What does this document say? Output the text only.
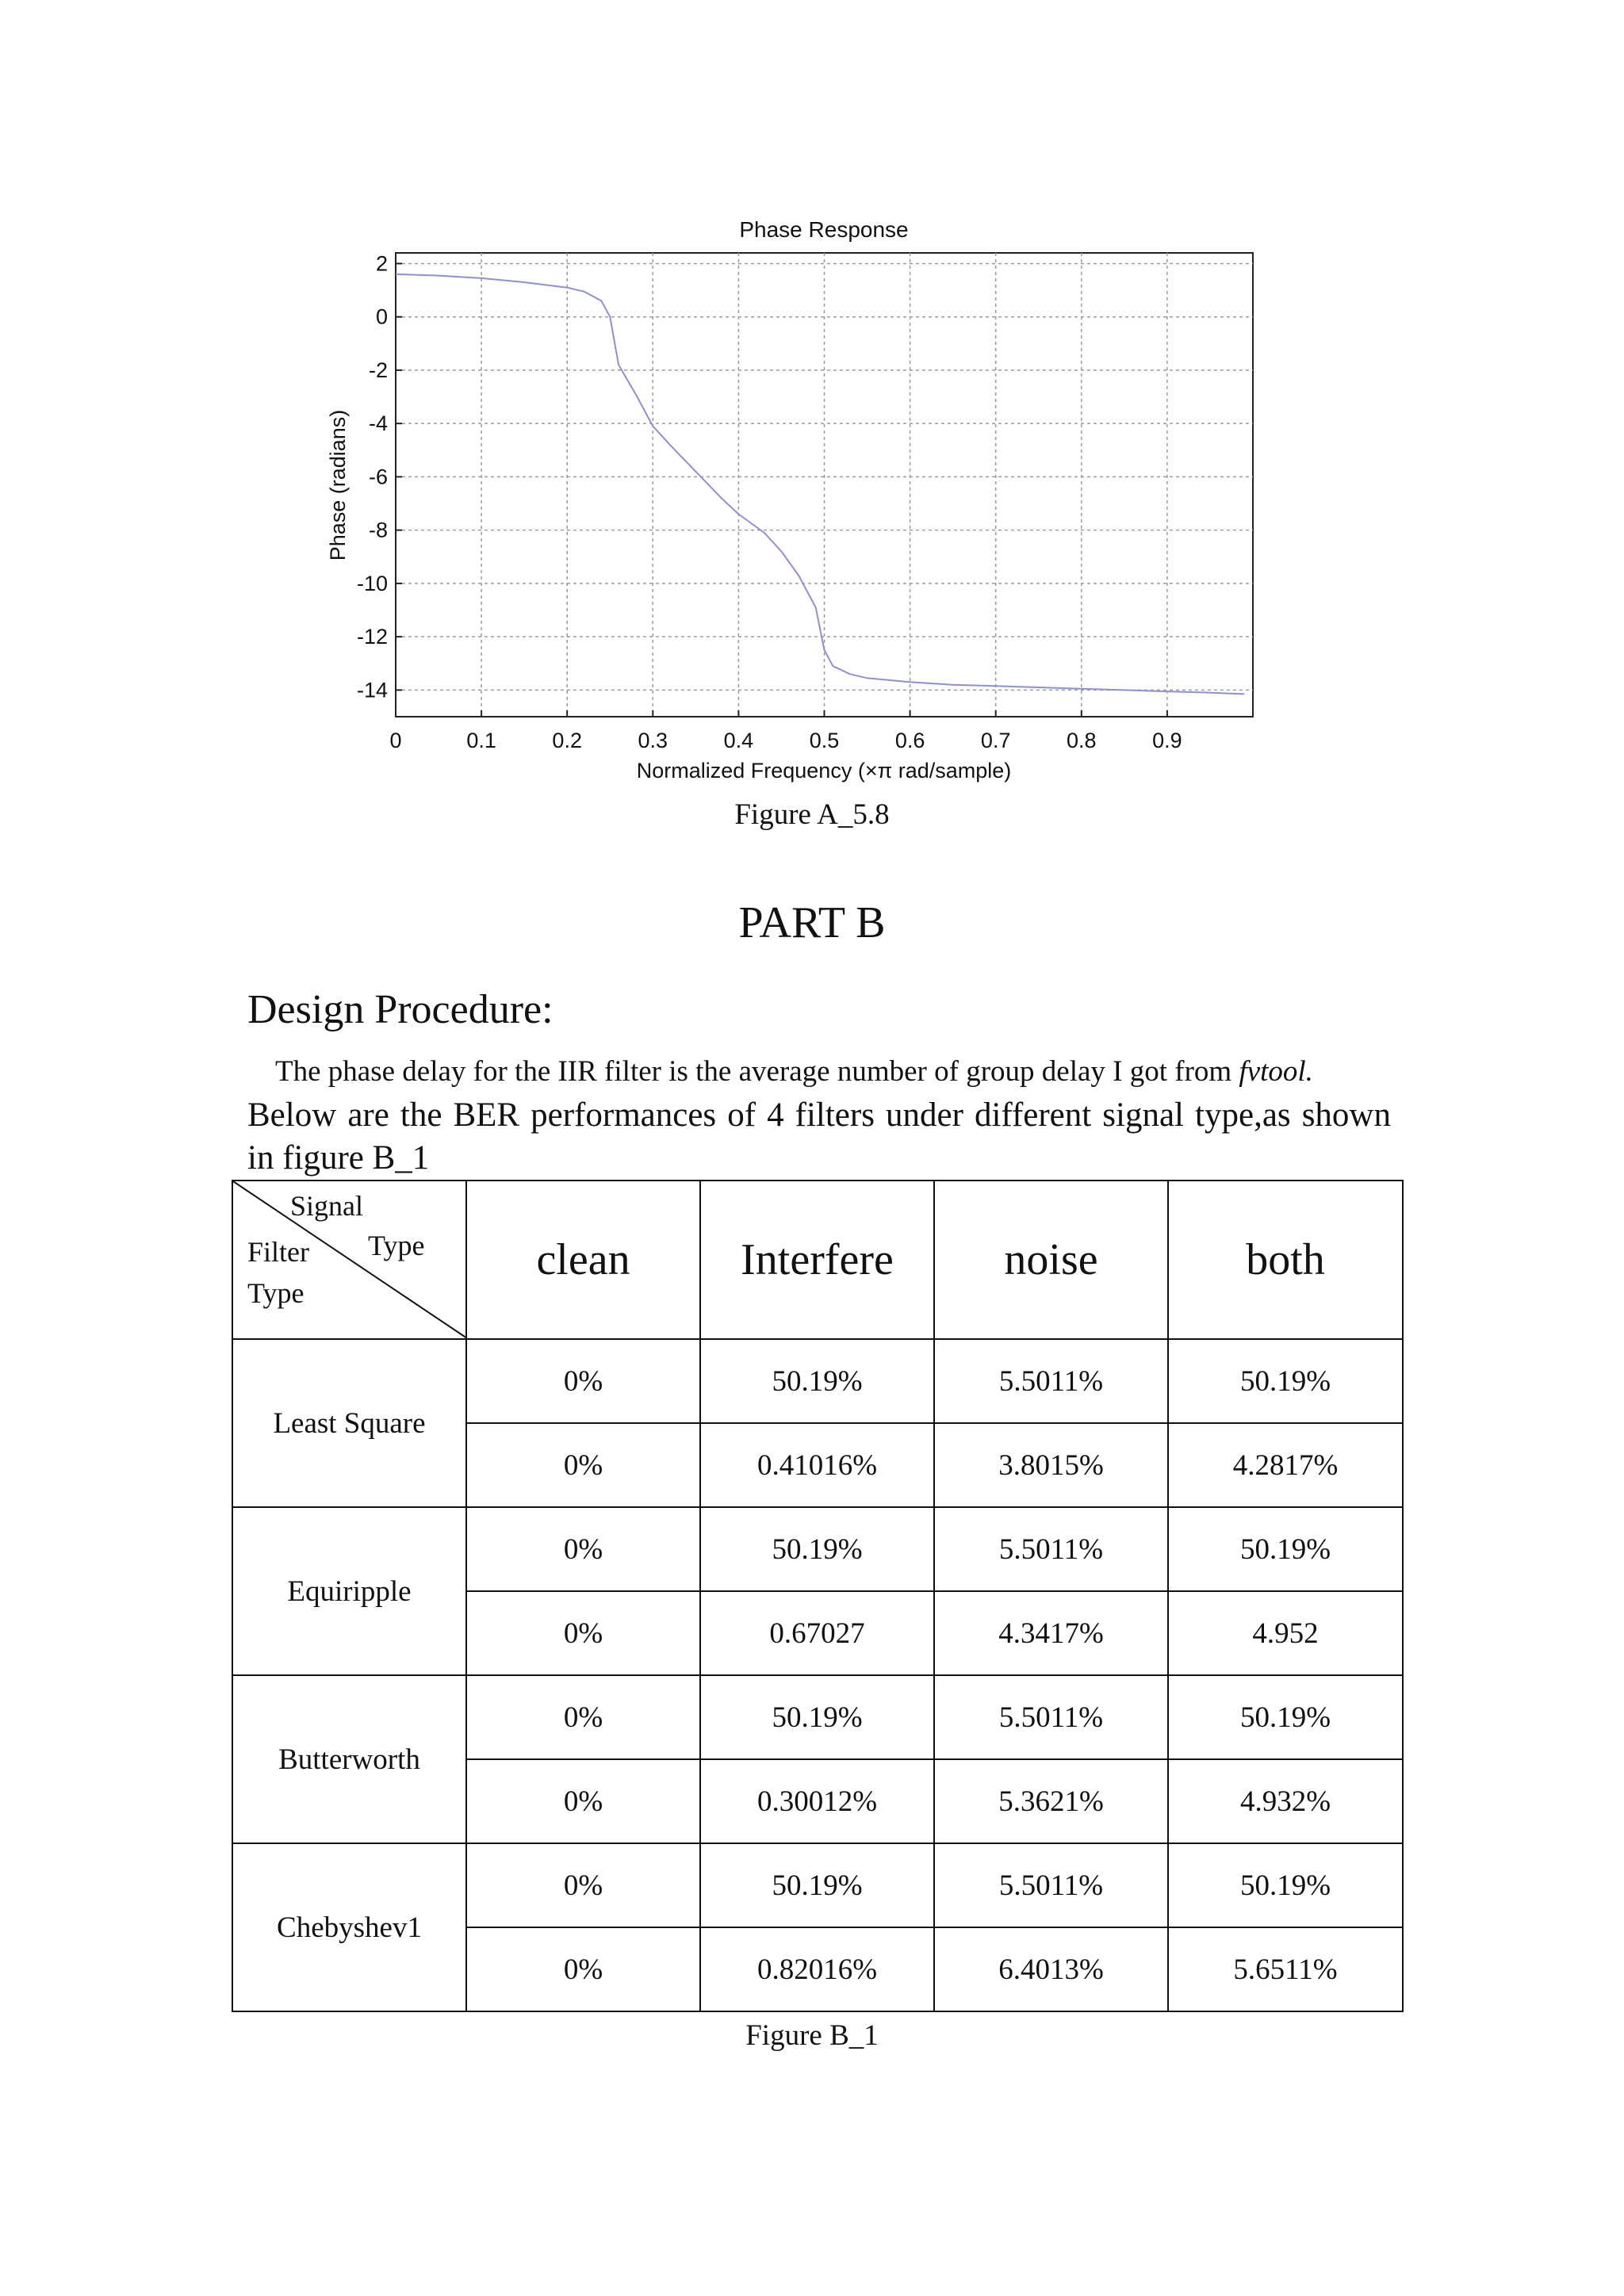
Phase Response
0	0.1	0.2	0.3	0.4	0.5	0.6	0.7	0.8	0.9
2
0
-2
-4
-6
-8
-10
-12
-14
Normalized Frequency (×π rad/sample)
Phase (radians)
Figure A_5.8
PART B
Design Procedure:
The phase delay for the IIR filter is the average number of group delay I got from fvtool.
Below are the BER performances of 4 filters under different signal type,as shown in figure B_1
Signal
Type
Filter
Type	clean	Interfere	noise	both
Least Square	0%	50.19%	5.5011%	50.19%
	0%	0.41016%	3.8015%	4.2817%
Equiripple	0%	50.19%	5.5011%	50.19%
	0%	0.67027	4.3417%	4.952
Butterworth	0%	50.19%	5.5011%	50.19%
	0%	0.30012%	5.3621%	4.932%
Chebyshev1	0%	50.19%	5.5011%	50.19%
	0%	0.82016%	6.4013%	5.6511%
Figure B_1
